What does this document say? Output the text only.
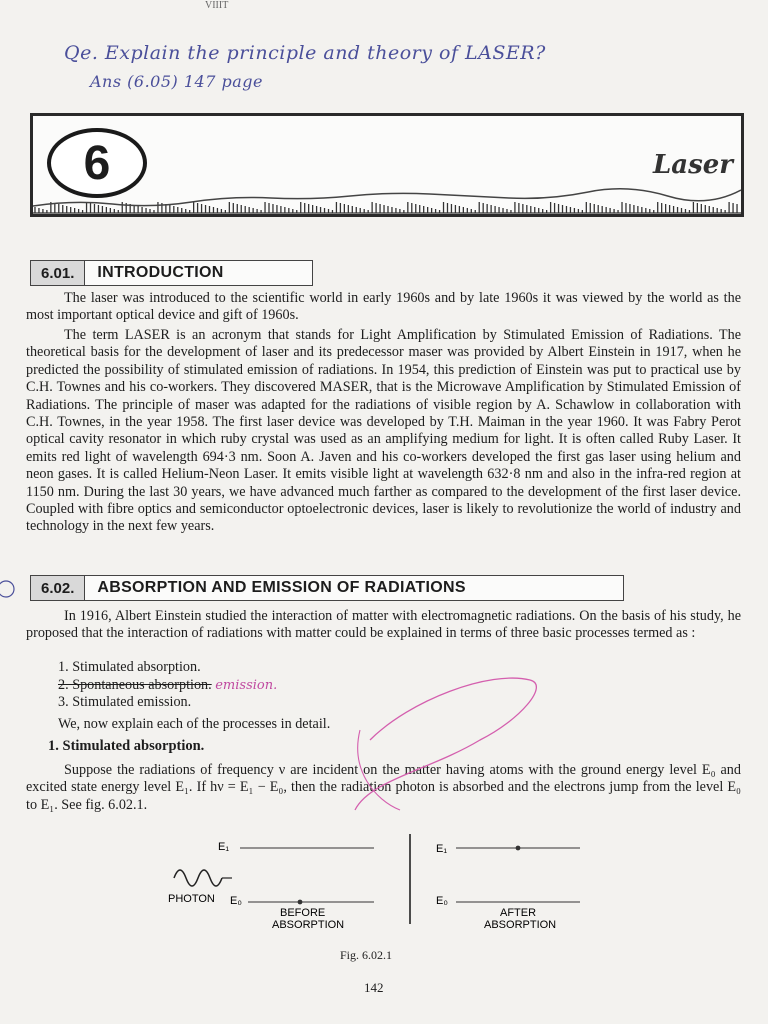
VIIIT
Qe. Explain the principle and theory of LASER?
Ans (6.05) 147 page
6	Laser
6.01.	INTRODUCTION

The laser was introduced to the scientific world in early 1960s and by late 1960s it was viewed by the world as the most important optical device and gift of 1960s.

The term LASER is an acronym that stands for Light Amplification by Stimulated Emission of Radiations. The theoretical basis for the development of laser and its predecessor maser was provided by Albert Einstein in 1917, when he predicted the possibility of stimulated emission of radiations. In 1954, this prediction of Einstein was put to practical use by C.H. Townes and his co-workers. They discovered MASER, that is the Microwave Amplification by Stimulated Emission of Radiations. The principle of maser was adapted for the radiations of visible region by A. Schawlow in collaboration with C.H. Townes, in the year 1958. The first laser device was developed by T.H. Maiman in the year 1960. It was Fabry Perot optical cavity resonator in which ruby crystal was used as an amplifying medium for light. It is often called Ruby Laser. It emits red light of wavelength 694·3 nm. Soon A. Javen and his co-workers developed the first gas laser using helium and neon gases. It is called Helium-Neon Laser. It emits visible light at wavelength 632·8 nm and also in the infra-red region at 1150 nm. During the last 30 years, we have advanced much farther as compared to the development of the first laser device. Coupled with fibre optics and semiconductor optoelectronic devices, laser is likely to revolutionize the world of industry and technology in the next few years.

6.02.	ABSORPTION AND EMISSION OF RADIATIONS

In 1916, Albert Einstein studied the interaction of matter with electromagnetic radiations. On the basis of his study, he proposed that the interaction of radiations with matter could be explained in terms of three basic processes termed as :

1. Stimulated absorption.
2. Spontaneous absorption. emission.
3. Stimulated emission.
We, now explain each of the processes in detail.
1. Stimulated absorption.

Suppose the radiations of frequency ν are incident on the matter having atoms with the ground energy level E₀ and excited state energy level E₁. If hν = E₁ − E₀, then the radiation photon is absorbed and the electrons jump from the level E₀ to E₁. See fig. 6.02.1.

E₁
PHOTON E₀
BEFORE
ABSORPTION
E₁
E₀
AFTER
ABSORPTION
Fig. 6.02.1
142
